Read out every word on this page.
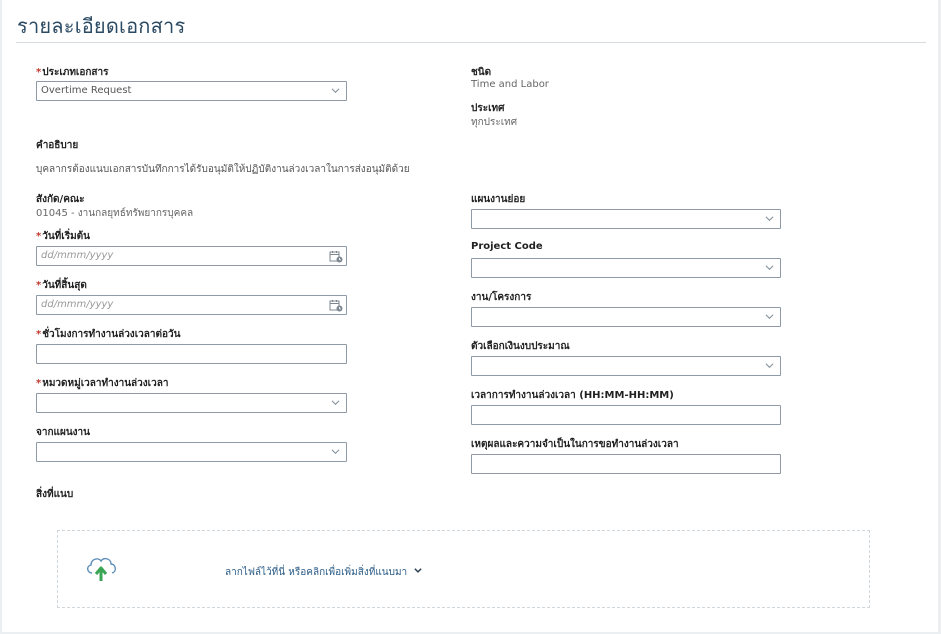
รายละเอียดเอกสาร
*ประเภทเอกสาร
Overtime Request
คำอธิบาย
บุคลากรต้องแนบเอกสารบันทึกการได้รับอนุมัติให้ปฏิบัติงานล่วงเวลาในการส่งอนุมัติด้วย
สังกัด/คณะ
01045 - งานกลยุทธ์ทรัพยากรบุคคล
*วันที่เริ่มต้น
dd/mmm/yyyy
*วันที่สิ้นสุด
dd/mmm/yyyy
*ชั่วโมงการทำงานล่วงเวลาต่อวัน
*หมวดหมู่เวลาทำงานล่วงเวลา
จากแผนงาน
สิ่งที่แนบ
ชนิด
Time and Labor
ประเทศ
ทุกประเทศ
แผนงานย่อย
Project Code
งาน/โครงการ
ตัวเลือกเงินงบประมาณ
เวลาการทำงานล่วงเวลา (HH:MM-HH:MM)
เหตุผลและความจำเป็นในการขอทำงานล่วงเวลา
ลากไฟล์ไว้ที่นี่ หรือคลิกเพื่อเพิ่มสิ่งที่แนบมา
